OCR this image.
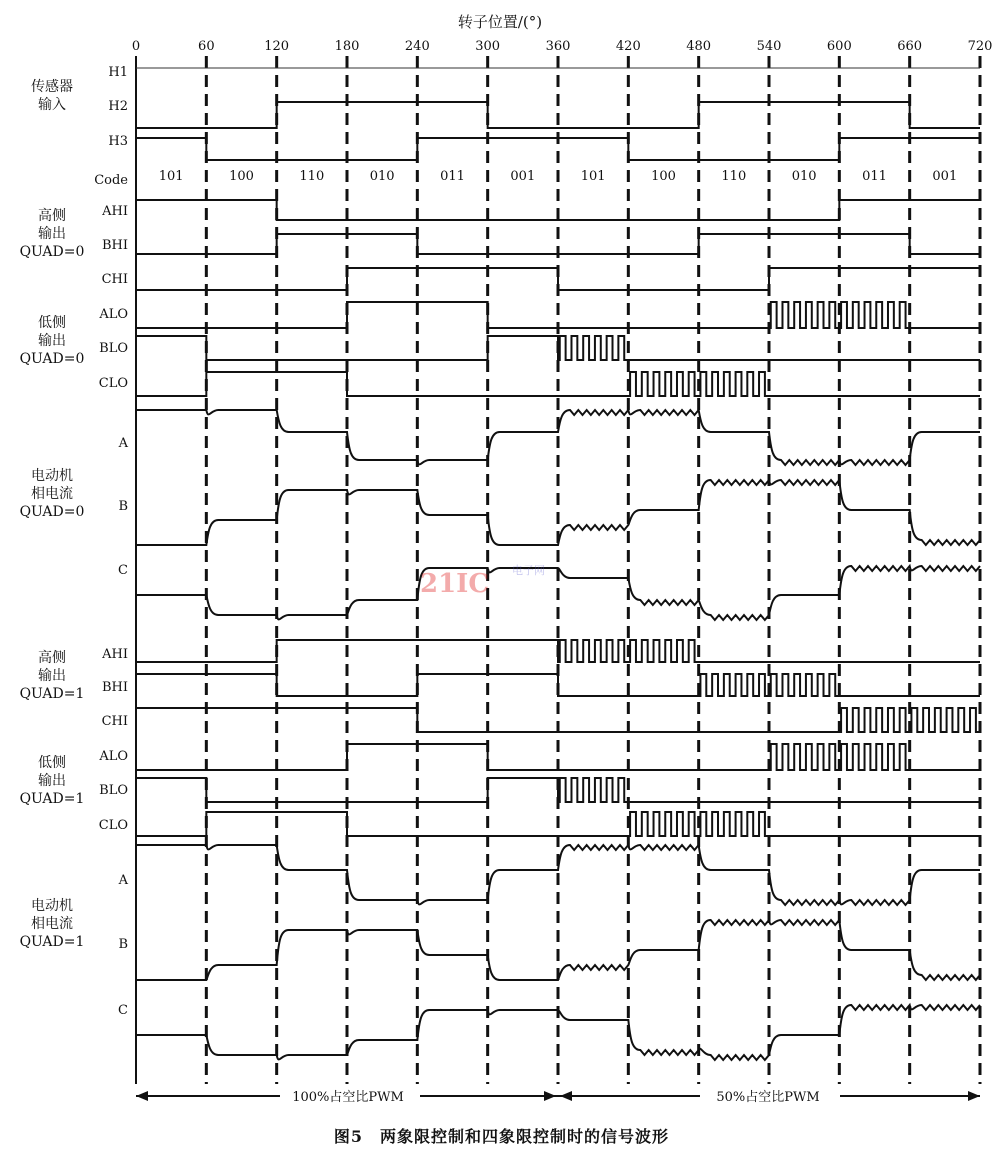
转子位置/(°)
0	60	120	180	240	300	360	420	480	540	600	660	720
传感器
输入
高侧
输出
QUAD=0
低侧
输出
QUAD=0
电动机
相电流
QUAD=0
高侧
输出
QUAD=1
低侧
输出
QUAD=1
电动机
相电流
QUAD=1
H1
H2
H3
AHI
BHI
CHI
ALO
BLO
CLO
A
B
C
AHI
BHI
CHI
ALO
BLO
CLO
A
B
C
Code 101	100	110	010	011	001	101	100	110	010	011	001
21IC 电子网
100%占空比PWM	50%占空比PWM
图5　两象限控制和四象限控制时的信号波形
